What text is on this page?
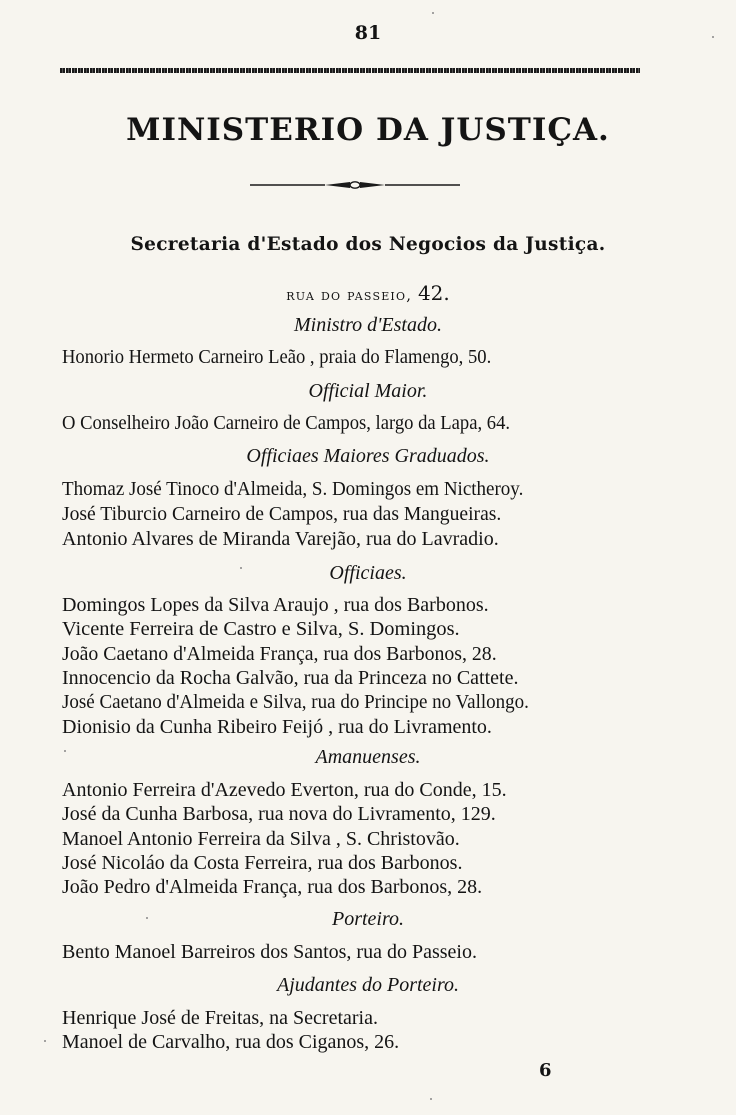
81
MINISTERIO DA JUSTIÇA.
Secretaria d'Estado dos Negocios da Justiça.
rua do passeio, 42.
Ministro d'Estado.
Honorio Hermeto Carneiro Leão , praia do Flamengo, 50.
Official Maior.
O Conselheiro João Carneiro de Campos, largo da Lapa, 64.
Officiaes Maiores Graduados.
Thomaz José Tinoco d'Almeida, S. Domingos em Nictheroy.
José Tiburcio Carneiro de Campos, rua das Mangueiras.
Antonio Alvares de Miranda Varejão, rua do Lavradio.
Officiaes.
Domingos Lopes da Silva Araujo , rua dos Barbonos.
Vicente Ferreira de Castro e Silva, S. Domingos.
João Caetano d'Almeida França, rua dos Barbonos, 28.
Innocencio da Rocha Galvão, rua da Princeza no Cattete.
José Caetano d'Almeida e Silva, rua do Principe no Vallongo.
Dionisio da Cunha Ribeiro Feijó , rua do Livramento.
Amanuenses.
Antonio Ferreira d'Azevedo Everton, rua do Conde, 15.
José da Cunha Barbosa, rua nova do Livramento, 129.
Manoel Antonio Ferreira da Silva , S. Christovão.
José Nicoláo da Costa Ferreira, rua dos Barbonos.
João Pedro d'Almeida França, rua dos Barbonos, 28.
Porteiro.
Bento Manoel Barreiros dos Santos, rua do Passeio.
Ajudantes do Porteiro.
Henrique José de Freitas, na Secretaria.
Manoel de Carvalho, rua dos Ciganos, 26.
6
